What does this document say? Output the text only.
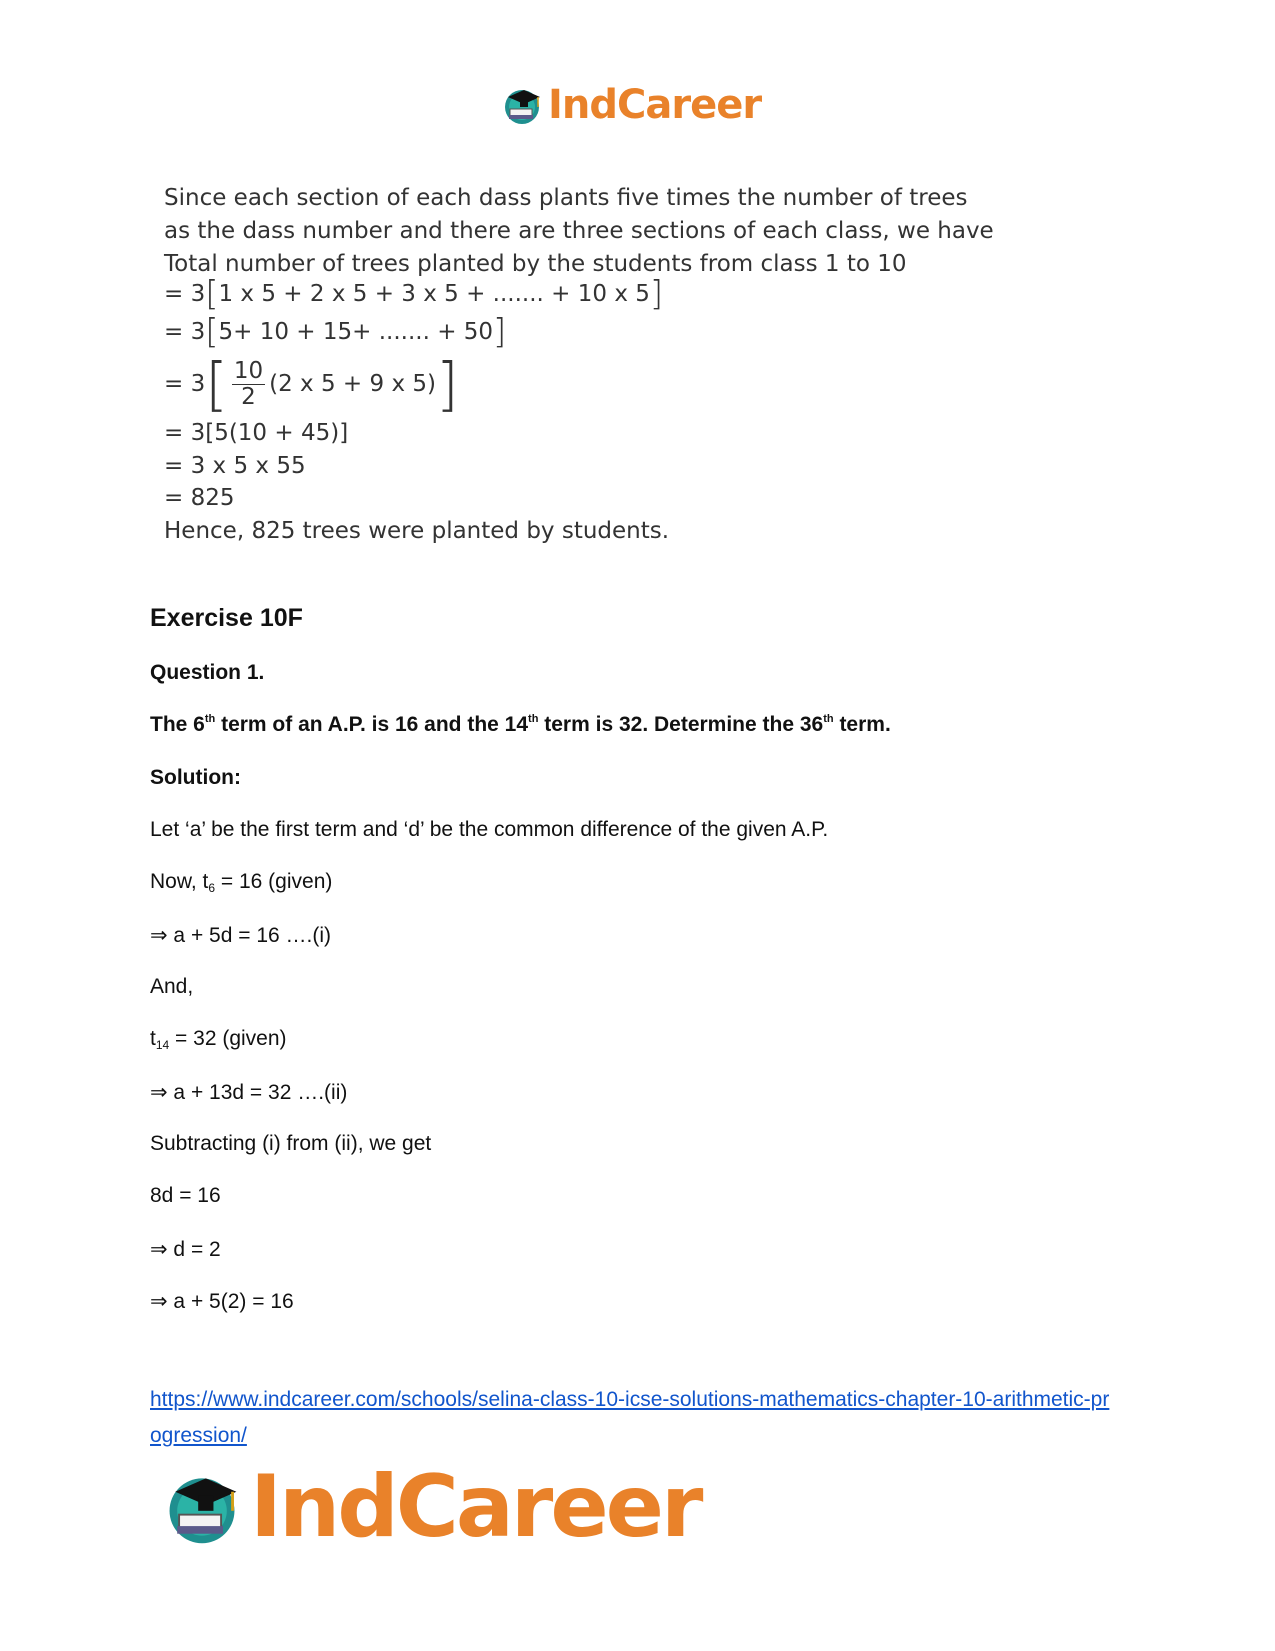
IndCareer
Since each section of each dass plants five times the number of trees
as the dass number and there are three sections of each class, we have
Total number of trees planted by the students from class 1 to 10
= 3 [ 1 x 5 + 2 x 5 + 3 x 5 + ....... + 10 x 5 ]
= 3 [ 5+ 10 + 15+ ....... + 50 ]
= 3 [ $\frac{10}{2} (2$ x 5 + 9 x 5) ]
= 3[5(10 + 45)]
= 3 x 5 x 55
= 825
Hence, 825 trees were planted by students.
Exercise 10F
Question 1.
The 6th term of an A.P. is 16 and the 14th term is 32. Determine the 36th term.
Solution:
Let ‘a’ be the first term and ‘d’ be the common difference of the given A.P.
Now, $t_6 = 16$ (given)
⇒ a + 5d = 16 ….(i)
And,
$t_{14} = 32$ (given)
⇒ a + 13d = 32 ….(ii)
Subtracting (i) from (ii), we get
8d = 16
⇒ d = 2
⇒ a + 5(2) = 16
https://www.indcareer.com/schools/selina-class-10-icse-solutions-mathematics-chapter-10-arithmetic-progression/
IndCareer
